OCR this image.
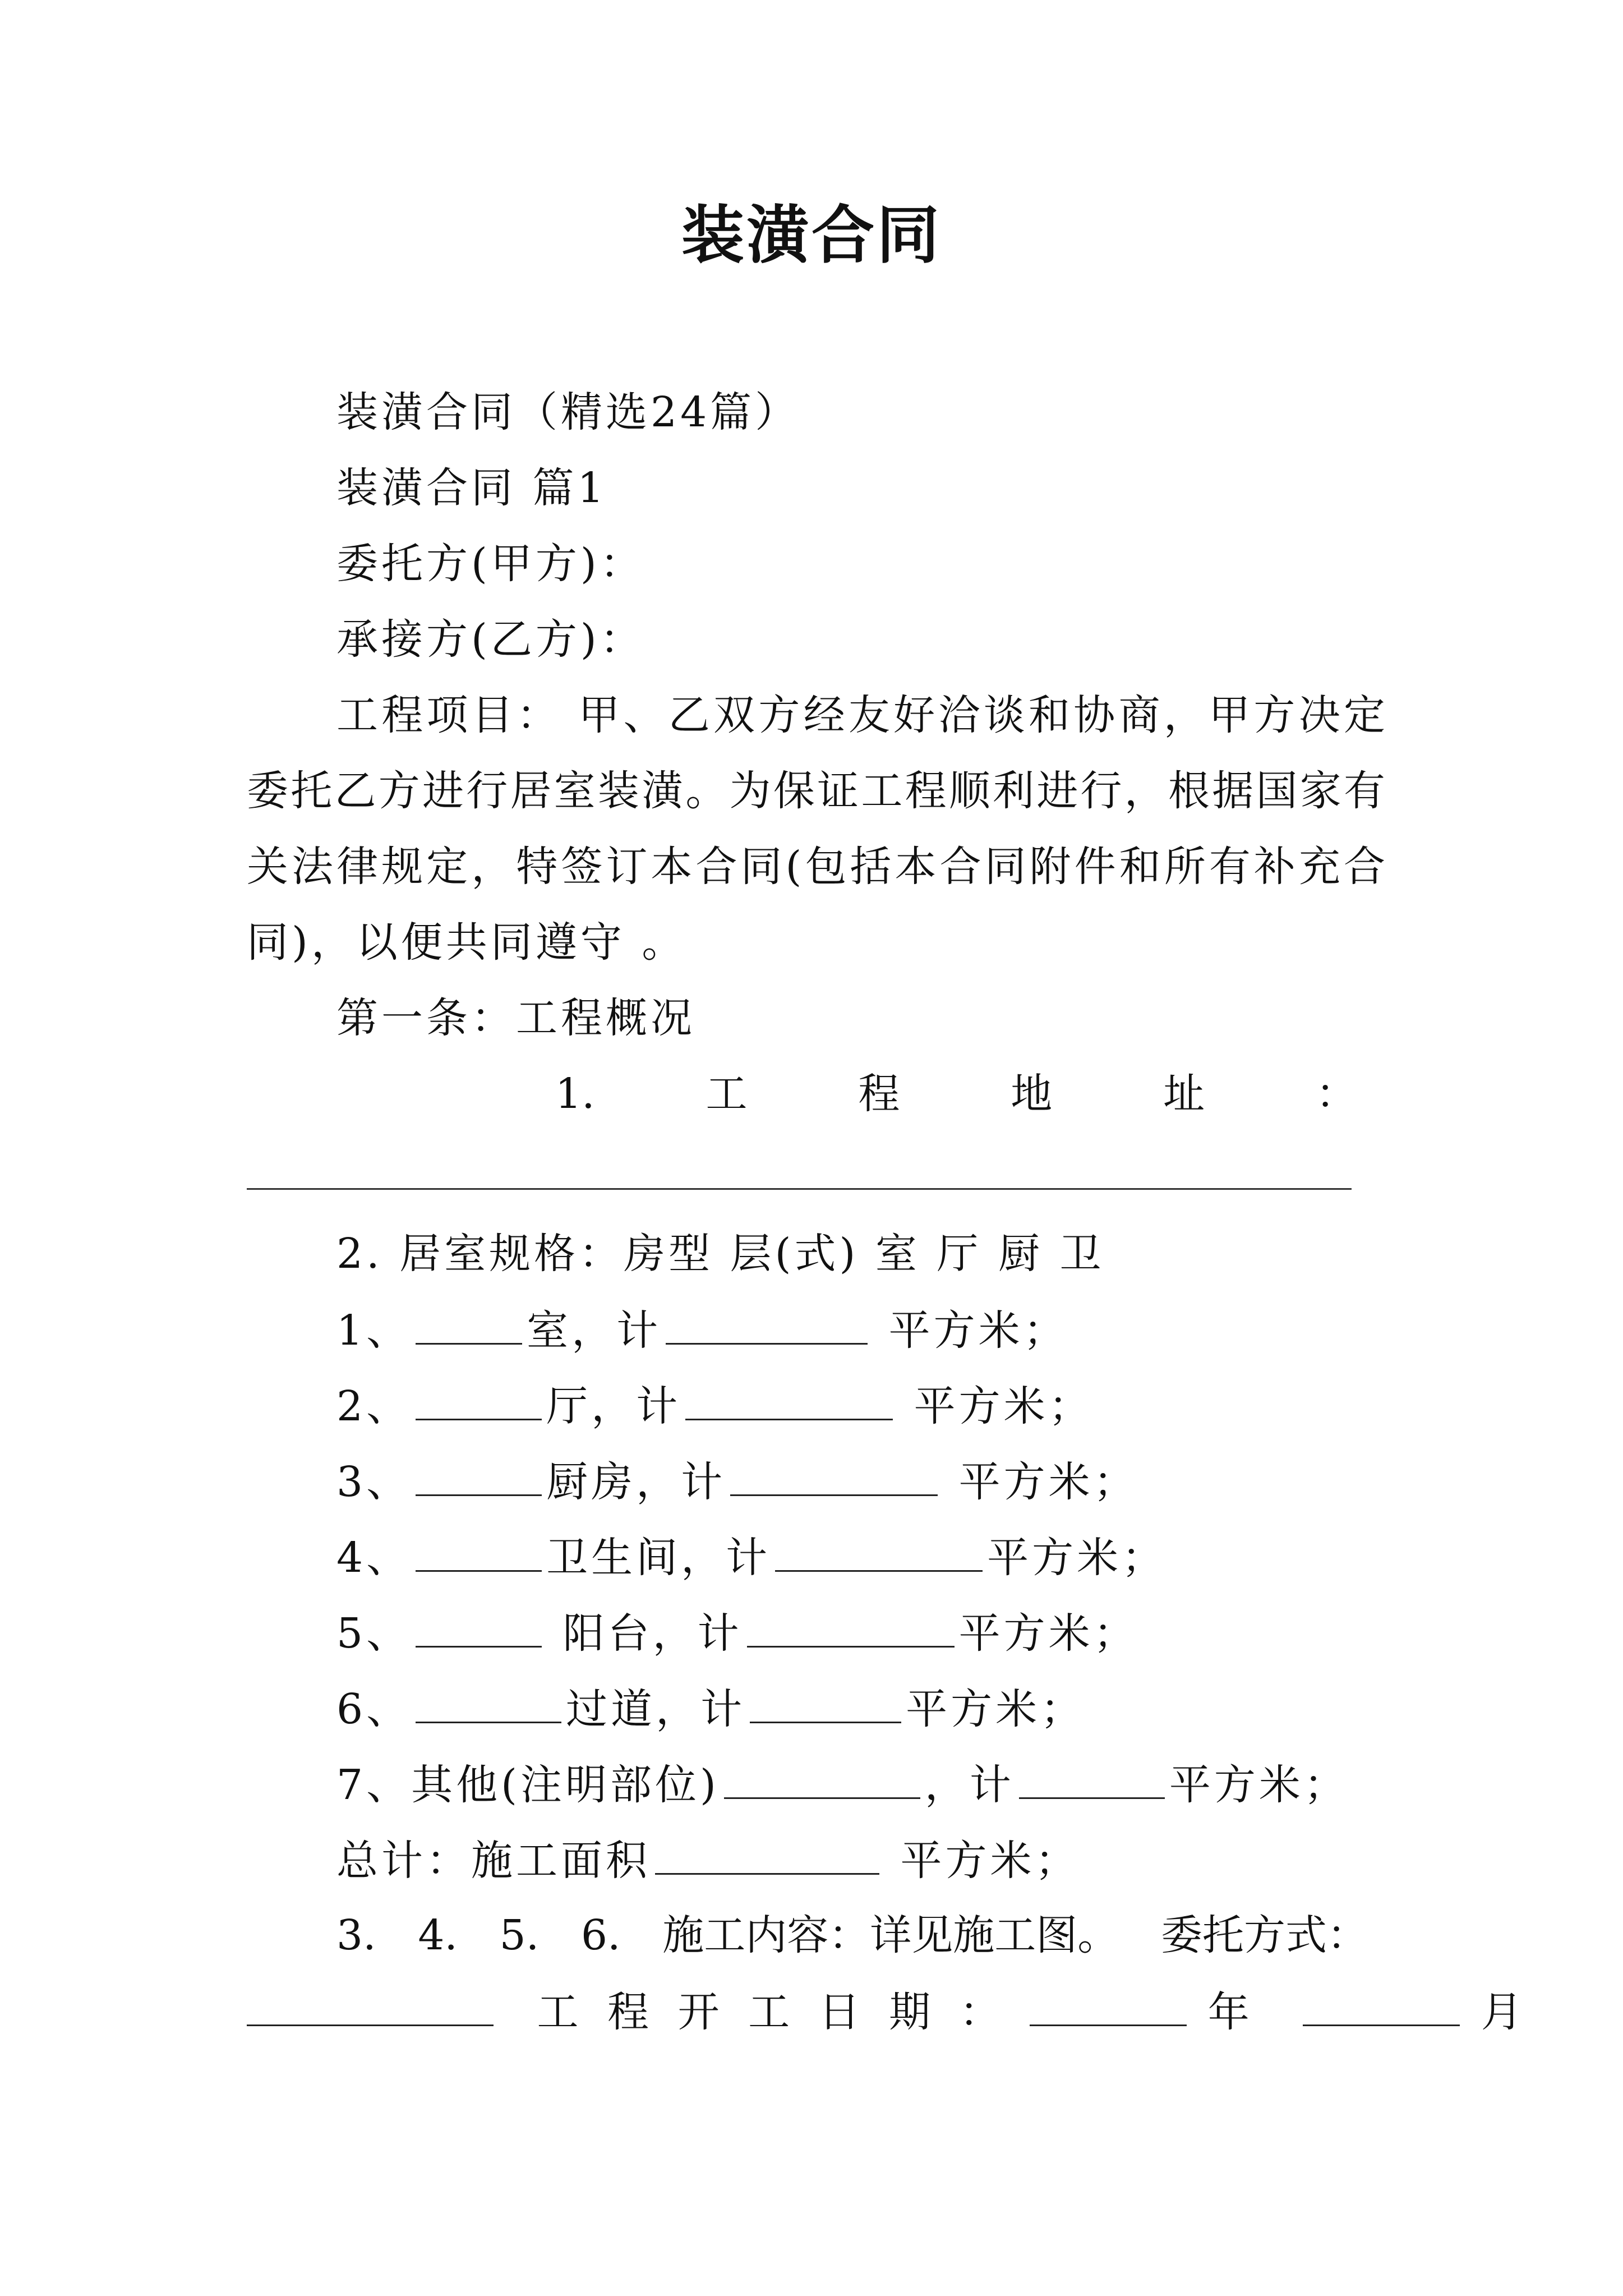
装潢合同
装潢合同（精选24篇）
装潢合同 篇1
委托方(甲方)：
承接方(乙方)：
工程项目： 甲、乙双方经友好洽谈和协商，甲方决定
委托乙方进行居室装潢。为保证工程顺利进行，根据国家有
关法律规定，特签订本合同(包括本合同附件和所有补充合
同)，以便共同遵守 。
第一条：工程概况
1.	工	程	地	址	：
2. 居室规格：房型 层(式) 室 厅 厨 卫
1、	室，计	平方米；
2、	厅，计	平方米；
3、	厨房，计	平方米；
4、	卫生间，计	平方米；
5、	阳台，计	平方米；
6、	过道，计	平方米；
7、其他(注明部位)	，计	平方米；
总计：施工面积	平方米；
3. 4. 5. 6. 施工内容：详见施工图。 委托方式：
工 程 开 工 日 期 ：	年	月
